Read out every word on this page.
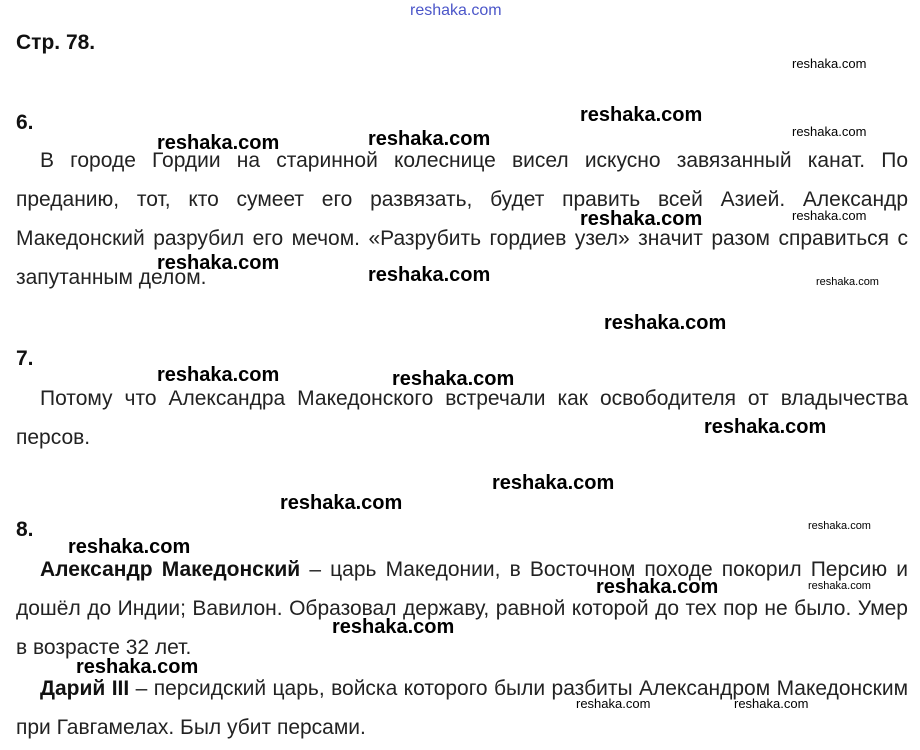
Стр. 78.
6.
В городе Гордии на старинной колеснице висел искусно завязанный канат. По преданию, тот, кто сумеет его развязать, будет править всей Азией. Александр Македонский разрубил его мечом. «Разрубить гордиев узел» значит разом справиться с запутанным делом.
7.
Потому что Александра Македонского встречали как освободителя от владычества персов.
8.
Александр Македонский – царь Македонии, в Восточном походе покорил Персию и дошёл до Индии; Вавилон. Образовал державу, равной которой до тех пор не было. Умер в возрасте 32 лет.
Дарий III – персидский царь, войска которого были разбиты Александром Македонским при Гавгамелах. Был убит персами.
reshaka.com
reshaka.com
reshaka.com
reshaka.com
reshaka.com	reshaka.com
reshaka.com	reshaka.com
reshaka.com
reshaka.com	reshaka.com
reshaka.com
reshaka.com	reshaka.com
reshaka.com
reshaka.com
reshaka.com
reshaka.com
reshaka.com
reshaka.com	reshaka.com
reshaka.com
reshaka.com
reshaka.com	reshaka.com
